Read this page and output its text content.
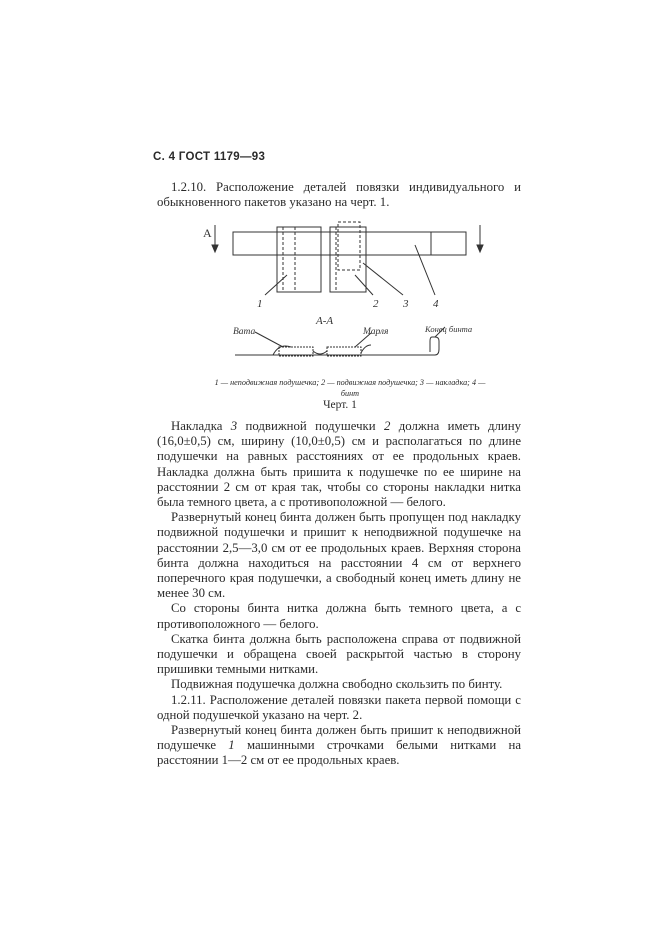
С. 4 ГОСТ 1179—93

1.2.10. Расположение деталей повязки индивидуального и обыкновенного пакетов указано на черт. 1.

А
1	2 3 4
А-А
Вата	Марля	Конец бинта
1 — неподвижная подушечка; 2 — подвижная подушечка; 3 — накладка; 4 — бинт
Черт. 1

Накладка 3 подвижной подушечки 2 должна иметь длину (16,0±0,5) см, ширину (10,0±0,5) см и располагаться по длине подушечки на равных расстояниях от ее продольных краев. Накладка должна быть пришита к подушечке по ее ширине на расстоянии 2 см от края так, чтобы со стороны накладки нитка была темного цвета, а с противоположной — белого.

Развернутый конец бинта должен быть пропущен под накладку подвижной подушечки и пришит к неподвижной подушечке на расстоянии 2,5—3,0 см от ее продольных краев. Верхняя сторона бинта должна находиться на расстоянии 4 см от верхнего поперечного края подушечки, а свободный конец иметь длину не менее 30 см.

Со стороны бинта нитка должна быть темного цвета, а с противоположного — белого.

Скатка бинта должна быть расположена справа от подвижной подушечки и обращена своей раскрытой частью в сторону пришивки темными нитками.

Подвижная подушечка должна свободно скользить по бинту.

1.2.11. Расположение деталей повязки пакета первой помощи с одной подушечкой указано на черт. 2.

Развернутый конец бинта должен быть пришит к неподвижной подушечке 1 машинными строчками белыми нитками на расстоянии 1—2 см от ее продольных краев.
